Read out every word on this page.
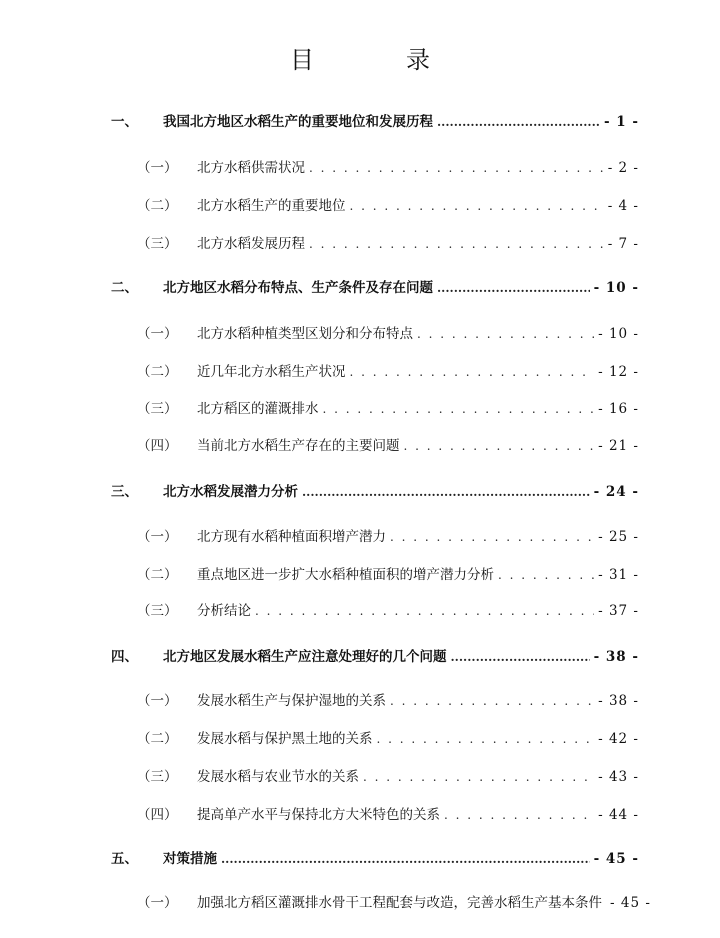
目　录
一、 我国北方地区水稻生产的重要地位和发展历程 .....	- 1 -
（一） 北方水稻供需状况 . . .	- 2 -
（二） 北方水稻生产的重要地位 . . .	- 4 -
（三） 北方水稻发展历程 . . .	- 7 -
二、 北方地区水稻分布特点、生产条件及存在问题 .....	- 10 -
（一） 北方水稻种植类型区划分和分布特点 . . .	- 10 -
（二） 近几年北方水稻生产状况 . . .	- 12 -
（三） 北方稻区的灌溉排水 . . .	- 16 -
（四） 当前北方水稻生产存在的主要问题 . . .	- 21 -
三、 北方水稻发展潜力分析 .....	- 24 -
（一） 北方现有水稻种植面积增产潜力 . . .	- 25 -
（二） 重点地区进一步扩大水稻种植面积的增产潜力分析 . . .	- 31 -
（三） 分析结论 . . .	- 37 -
四、 北方地区发展水稻生产应注意处理好的几个问题 .....	- 38 -
（一） 发展水稻生产与保护湿地的关系 . . .	- 38 -
（二） 发展水稻与保护黑土地的关系 . . .	- 42 -
（三） 发展水稻与农业节水的关系 . . .	- 43 -
（四） 提高单产水平与保持北方大米特色的关系 . . .	- 44 -
五、 对策措施 .....	- 45 -
（一） 加强北方稻区灌溉排水骨干工程配套与改造，完善水稻生产基本条件 - 45 -
